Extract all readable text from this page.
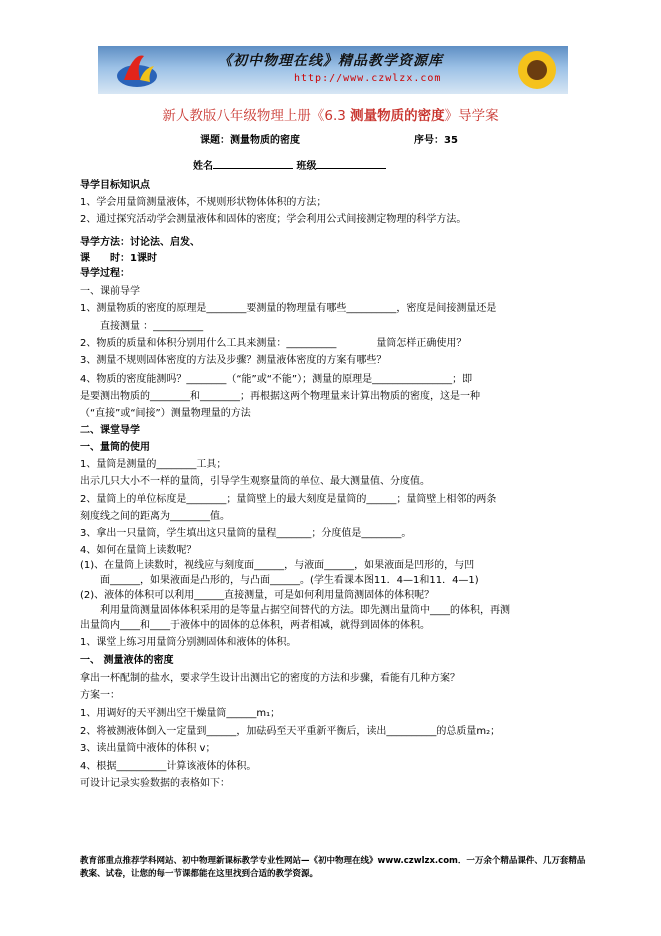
《初中物理在线》精品教学资源库
http://www.czwlzx.com
新人教版八年级物理上册《6.3 测量物质的密度》导学案
课题：测量物质的密度	序号：35
姓名	班级
导学目标知识点
1、学会用量筒测量液体，不规则形状物体体积的方法；
2、通过探究活动学会测量液体和固体的密度；学会利用公式间接测定物理的科学方法。
导学方法：讨论法、启发、
课　　时：1课时
导学过程：
一、课前导学
1、测量物质的密度的原理是________要测量的物理量有哪些__________，密度是间接测量还是
　　直接测量 ：__________
2、物质的质量和体积分别用什么工具来测量：__________　　　　量筒怎样正确使用？
3、测量不规则固体密度的方法及步骤？测量液体密度的方案有哪些？
4、物质的密度能测吗？________（“能”或“不能”）；测量的原理是________________；即
是要测出物质的________和________；再根据这两个物理量来计算出物质的密度，这是一种
（“直接”或“间接”）测量物理量的方法
二、课堂导学
一、量筒的使用
1、量筒是测量的________工具；
出示几只大小不一样的量筒，引导学生观察量筒的单位、最大测量值、分度值。
2、量筒上的单位标度是________；量筒壁上的最大刻度是量筒的______；量筒壁上相邻的两条
刻度线之间的距离为________值。
3、拿出一只量筒，学生填出这只量筒的量程_______；分度值是________。
4、如何在量筒上读数呢？
(1)、在量筒上读数时，视线应与刻度面______，与液面______，如果液面是凹形的，与凹
　　面______，如果液面是凸形的，与凸面______。(学生看课本图11．4—1和11．4—1)
(2)、液体的体积可以利用______直接测量，可是如何利用量筒测固体的体积呢？
　　利用量筒测量固体体积采用的是等量占据空间替代的方法。即先测出量筒中____的体积，再测
出量筒内____和____于液体中的固体的总体积，两者相减，就得到固体的体积。
1、课堂上练习用量筒分别测固体和液体的体积。
一、 测量液体的密度
拿出一杯配制的盐水，要求学生设计出测出它的密度的方法和步骤，看能有几种方案？
方案一：
1、用调好的天平测出空干燥量筒______m₁；
2、将被测液体倒入一定量到______，加砝码至天平重新平衡后，读出__________的总质量m₂；
3、读出量筒中液体的体积 v；
4、根据__________计算该液体的体积。
可设计记录实验数据的表格如下：
教育部重点推荐学科网站、初中物理新课标教学专业性网站—《初中物理在线》www.czwlzx.com．一万余个精品课件、几万套精品教案、试卷，让您的每一节课都能在这里找到合适的教学资源。
